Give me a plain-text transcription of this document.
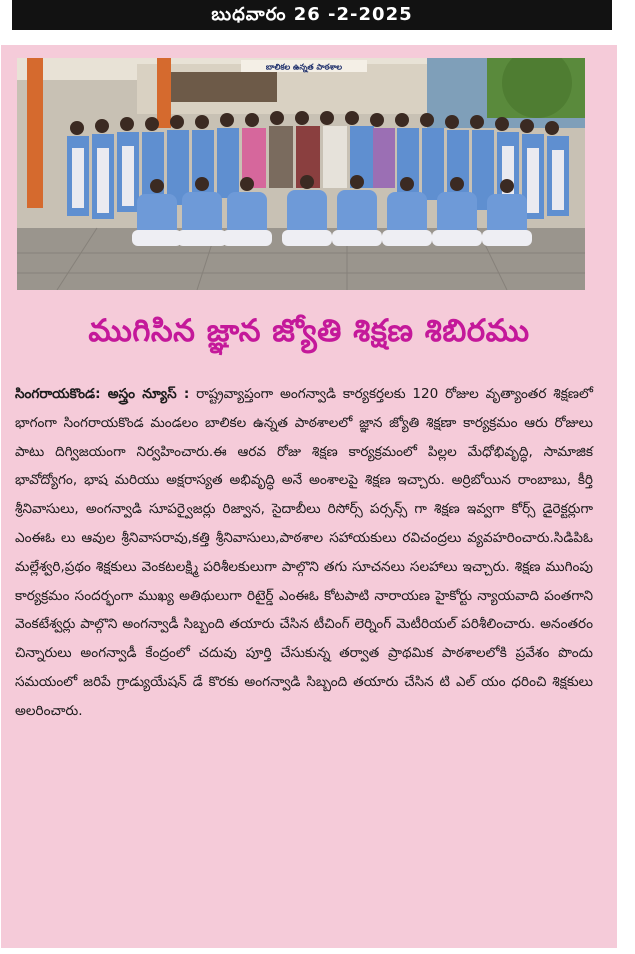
బుధవారం 26 -2-2025
బాలికల ఉన్నత పాఠశాల
ముగిసిన జ్ఞాన జ్యోతి శిక్షణ శిబిరము

సింగరాయకొండ: అస్త్రం న్యూస్ : రాష్ట్రవ్యాప్తంగా అంగన్వాడి కార్యకర్తలకు 120 రోజుల వృత్యాంతర శిక్షణలో భాగంగా సింగరాయకొండ మండలం బాలికల ఉన్నత పాఠశాలలో జ్ఞాన జ్యోతి శిక్షణా కార్యక్రమం ఆరు రోజులు పాటు దిగ్విజయంగా నిర్వహించారు.ఈ ఆరవ రోజు శిక్షణ కార్యక్రమంలో పిల్లల మేధోభివృద్ధి, సామాజిక భావోద్యోగం, భాష మరియు అక్షరాస్యత అభివృద్ధి అనే అంశాలపై శిక్షణ ఇచ్చారు. అర్రిబోయిన రాంబాబు, కీర్తి శ్రీనివాసులు, అంగన్వాడి సూపర్వైజర్లు రిజ్వాన, సైదాబీలు రిసోర్స్ పర్సన్స్ గా శిక్షణ ఇవ్వగా కోర్స్ డైరెక్టర్లుగా ఎంఈఓ లు ఆవుల శ్రీనివాసరావు,కత్తి శ్రీనివాసులు,పాఠశాల సహాయకులు రవిచంద్రలు వ్యవహరించారు.సిడిపిఓ మల్లేశ్వరి,ప్రథం శిక్షకులు వెంకటలక్ష్మి పరిశీలకులుగా పాల్గొని తగు సూచనలు సలహాలు ఇచ్చారు. శిక్షణ ముగింపు కార్యక్రమం సందర్భంగా ముఖ్య అతిథులుగా రిటైర్డ్ ఎంఈఓ కోటపాటి నారాయణ హైకోర్టు న్యాయవాది పంతగాని వెంకటేశ్వర్లు పాల్గొని అంగన్వాడీ సిబ్బంది తయారు చేసిన టీచింగ్ లెర్నింగ్ మెటీరియల్ పరిశీలించారు. అనంతరం చిన్నారులు అంగన్వాడీ కేంద్రంలో చదువు పూర్తి చేసుకున్న తర్వాత ప్రాథమిక పాఠశాలలోకి ప్రవేశం పొందు సమయంలో జరిపే గ్రాడ్యుయేషన్ డే కొరకు అంగన్వాడి సిబ్బంది తయారు చేసిన టి ఎల్ యం ధరించి శిక్షకులు అలరించారు.
